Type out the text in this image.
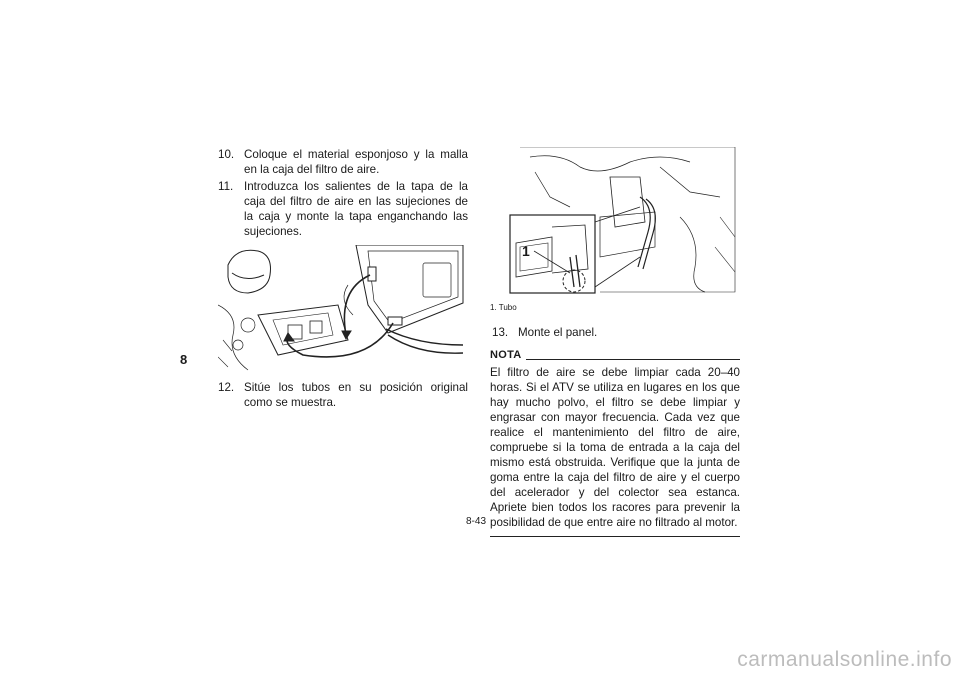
8
10. Coloque el material esponjoso y la malla en la caja del filtro de aire.
11. Introduzca los salientes de la tapa de la caja del filtro de aire en las sujeciones de la caja y monte la tapa enganchando las sujeciones.
12. Sitúe los tubos en su posición original como se muestra.
1
1. Tubo
13. Monte el panel.
NOTA
El filtro de aire se debe limpiar cada 20–40 horas. Si el ATV se utiliza en lugares en los que hay mucho polvo, el filtro se debe limpiar y engrasar con mayor frecuencia. Cada vez que realice el mantenimiento del filtro de aire, compruebe si la toma de entrada a la caja del mismo está obstruida. Verifique que la junta de goma entre la caja del filtro de aire y el cuerpo del acelerador y del colector sea estanca. Apriete bien todos los racores para prevenir la posibilidad de que entre aire no filtrado al motor.
8-43
carmanualsonline.info
